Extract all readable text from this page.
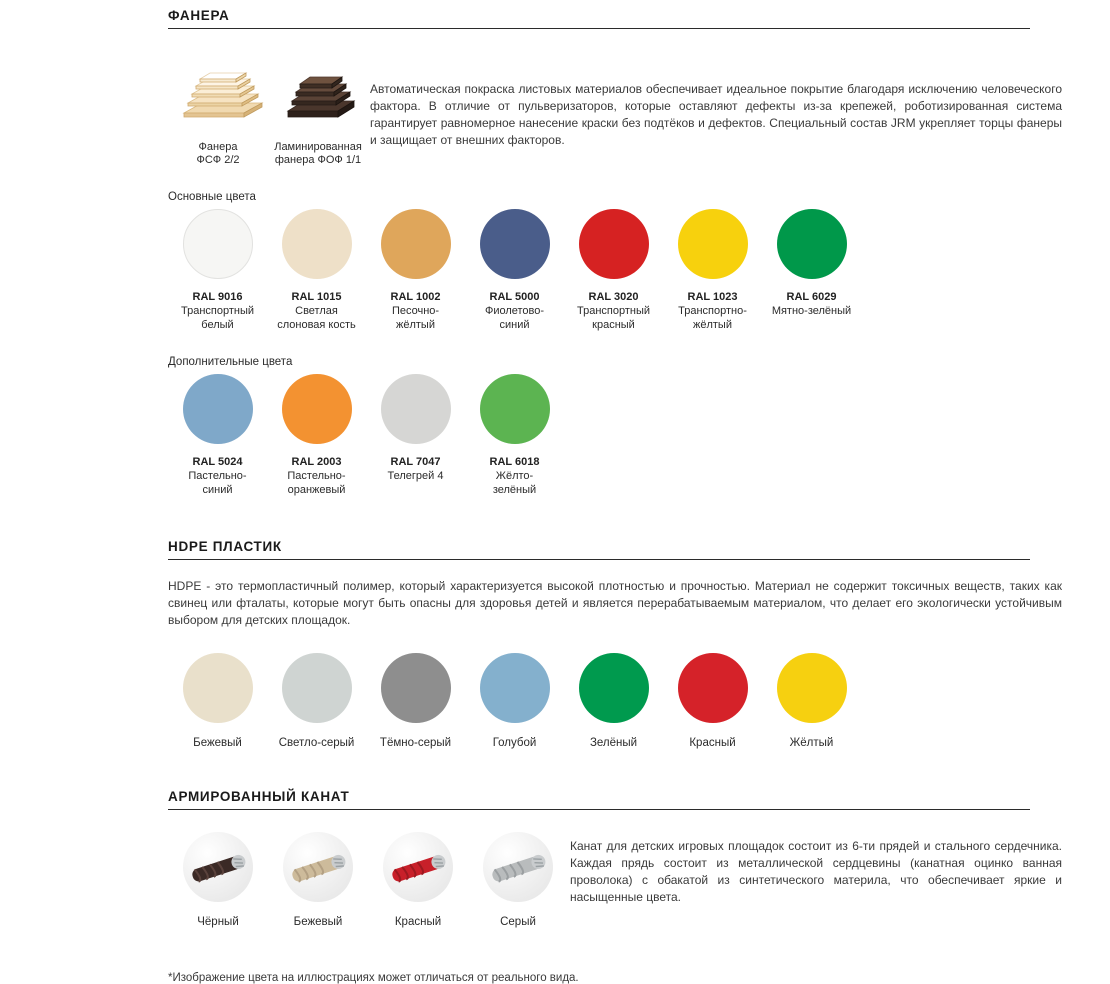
ФАНЕРА
Фанера
ФСФ 2/2
Ламинированная
фанера ФОФ 1/1
Автоматическая покраска листовых материалов обеспечивает идеальное покрытие благодаря исключению человеческого фактора. В отличие от пульверизаторов, которые оставляют дефекты из-за крепежей, роботизированная система гарантирует равномерное нанесение краски без подтёков и дефектов. Специальный состав JRM укрепляет торцы фанеры и защищает от внешних факторов.
Основные цвета
RAL 9016
Транспортный
белый
RAL 1015
Светлая
слоновая кость
RAL 1002
Песочно-
жёлтый
RAL 5000
Фиолетово-
синий
RAL 3020
Транспортный
красный
RAL 1023
Транспортно-
жёлтый
RAL 6029
Мятно-зелёный
Дополнительные цвета
RAL 5024
Пастельно-
синий
RAL 2003
Пастельно-
оранжевый
RAL 7047
Телегрей 4
RAL 6018
Жёлто-
зелёный
HDPE ПЛАСТИК
HDPE - это термопластичный полимер, который характеризуется высокой плотностью и прочностью. Материал не содержит токсичных веществ, таких как свинец или фталаты, которые могут быть опасны для здоровья детей и является перерабатываемым материалом, что делает его экологически устойчивым выбором для детских площадок.
Бежевый	Светло-серый	Тёмно-серый	Голубой	Зелёный	Красный	Жёлтый
АРМИРОВАННЫЙ КАНАТ
Чёрный	Бежевый	Красный	Серый
Канат для детских игровых площадок состоит из 6-ти прядей и стального сердечника. Каждая прядь состоит из металлической сердцевины (канатная оцинко ванная проволока) с обакатой из синтетического материла, что обеспечивает яркие и насыщенные цвета.
*Изображение цвета на иллюстрациях может отличаться от реального вида.
